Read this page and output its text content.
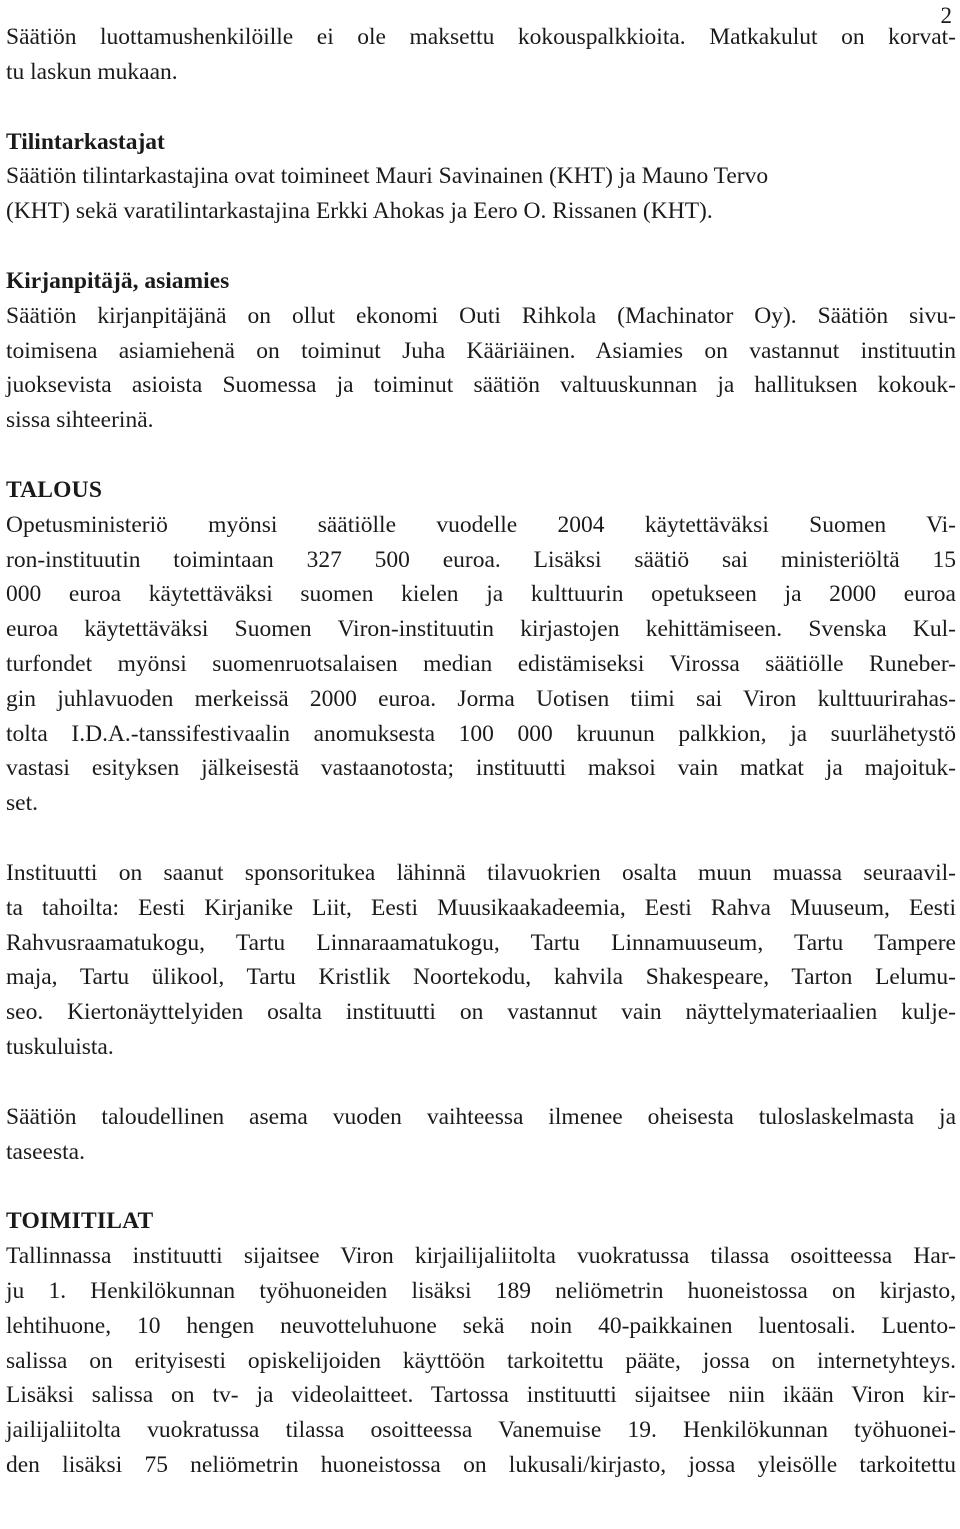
2
Säätiön luottamushenkilöille ei ole maksettu kokouspalkkioita. Matkakulut on korvat-
tu laskun mukaan.
Tilintarkastajat
Säätiön tilintarkastajina ovat toimineet Mauri Savinainen (KHT) ja Mauno Tervo
(KHT) sekä varatilintarkastajina Erkki Ahokas ja Eero O. Rissanen (KHT).
Kirjanpitäjä, asiamies
Säätiön kirjanpitäjänä on ollut ekonomi Outi Rihkola (Machinator Oy). Säätiön sivu-
toimisena asiamiehenä on toiminut Juha Kääriäinen. Asiamies on vastannut instituutin
juoksevista asioista Suomessa ja toiminut säätiön valtuuskunnan ja hallituksen kokouk-
sissa sihteerinä.
TALOUS
Opetusministeriö myönsi säätiölle vuodelle 2004 käytettäväksi Suomen Vi-
ron-instituutin toimintaan 327 500 euroa. Lisäksi säätiö sai ministeriöltä 15
000 euroa käytettäväksi suomen kielen ja kulttuurin opetukseen ja 2000 euroa
euroa käytettäväksi Suomen Viron-instituutin kirjastojen kehittämiseen. Svenska Kul-
turfondet myönsi suomenruotsalaisen median edistämiseksi Virossa säätiölle Runeber-
gin juhlavuoden merkeissä 2000 euroa. Jorma Uotisen tiimi sai Viron kulttuurirahas-
tolta I.D.A.-tanssifestivaalin anomuksesta 100 000 kruunun palkkion, ja suurlähetystö
vastasi esityksen jälkeisestä vastaanotosta; instituutti maksoi vain matkat ja majoituk-
set.
Instituutti on saanut sponsoritukea lähinnä tilavuokrien osalta muun muassa seuraavil-
ta tahoilta: Eesti Kirjanike Liit, Eesti Muusikaakadeemia, Eesti Rahva Muuseum, Eesti
Rahvusraamatukogu, Tartu Linnaraamatukogu, Tartu Linnamuuseum, Tartu Tampere
maja, Tartu ülikool, Tartu Kristlik Noortekodu, kahvila Shakespeare, Tarton Lelumu-
seo. Kiertonäyttelyiden osalta instituutti on vastannut vain näyttelymateriaalien kulje-
tuskuluista.
Säätiön taloudellinen asema vuoden vaihteessa ilmenee oheisesta tuloslaskelmasta ja
taseesta.
TOIMITILAT
Tallinnassa instituutti sijaitsee Viron kirjailijaliitolta vuokratussa tilassa osoitteessa Har-
ju 1. Henkilökunnan työhuoneiden lisäksi 189 neliömetrin huoneistossa on kirjasto,
lehtihuone, 10 hengen neuvotteluhuone sekä noin 40-paikkainen luentosali. Luento-
salissa on erityisesti opiskelijoiden käyttöön tarkoitettu pääte, jossa on internetyhteys.
Lisäksi salissa on tv- ja videolaitteet. Tartossa instituutti sijaitsee niin ikään Viron kir-
jailijaliitolta vuokratussa tilassa osoitteessa Vanemuise 19. Henkilökunnan työhuonei-
den lisäksi 75 neliömetrin huoneistossa on lukusali/kirjasto, jossa yleisölle tarkoitettu
